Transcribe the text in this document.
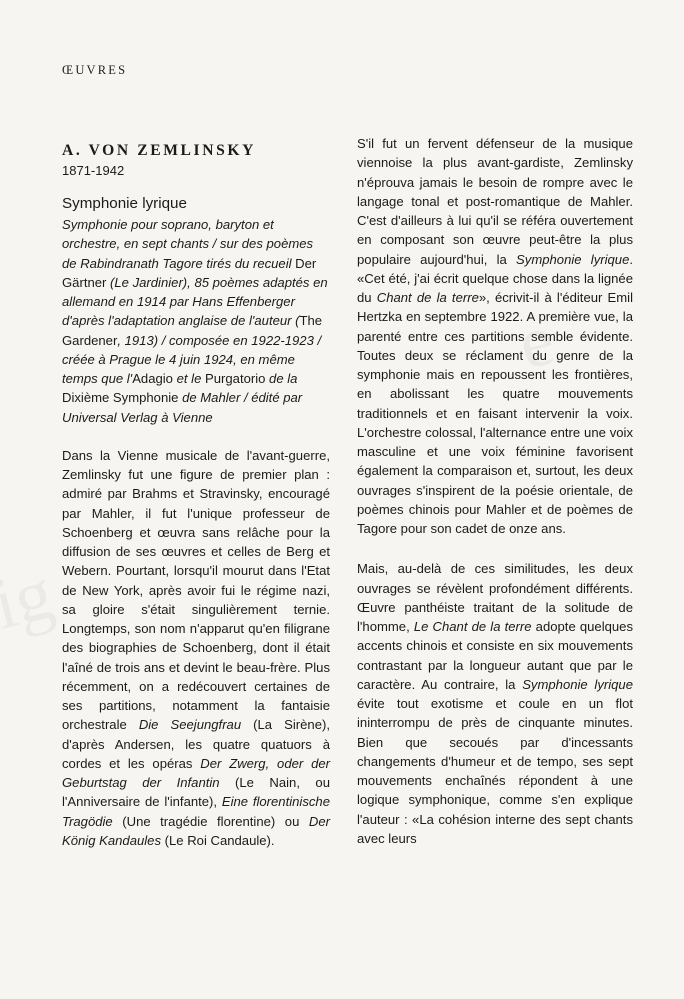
ŒUVRES
A. VON ZEMLINSKY
1871-1942
Symphonie lyrique
Symphonie pour soprano, baryton et orchestre, en sept chants / sur des poèmes de Rabindranath Tagore tirés du recueil Der Gärtner (Le Jardinier), 85 poèmes adaptés en allemand en 1914 par Hans Effenberger d'après l'adaptation anglaise de l'auteur (The Gardener, 1913) / composée en 1922-1923 / créée à Prague le 4 juin 1924, en même temps que l'Adagio et le Purgatorio de la Dixième Symphonie de Mahler / édité par Universal Verlag à Vienne

Dans la Vienne musicale de l'avant-guerre, Zemlinsky fut une figure de premier plan : admiré par Brahms et Stravinsky, encouragé par Mahler, il fut l'unique professeur de Schoenberg et œuvra sans relâche pour la diffusion de ses œuvres et celles de Berg et Webern. Pourtant, lorsqu'il mourut dans l'Etat de New York, après avoir fui le régime nazi, sa gloire s'était singulièrement ternie. Longtemps, son nom n'apparut qu'en filigrane des biographies de Schoenberg, dont il était l'aîné de trois ans et devint le beau-frère. Plus récemment, on a redécouvert certaines de ses partitions, notamment la fantaisie orchestrale Die Seejungfrau (La Sirène), d'après Andersen, les quatre quatuors à cordes et les opéras Der Zwerg, oder der Geburtstag der Infantin (Le Nain, ou l'Anniversaire de l'infante), Eine florentinische Tragödie (Une tragédie florentine) ou Der König Kandaules (Le Roi Candaule).

S'il fut un fervent défenseur de la musique viennoise la plus avant-gardiste, Zemlinsky n'éprouva jamais le besoin de rompre avec le langage tonal et post-romantique de Mahler. C'est d'ailleurs à lui qu'il se référa ouvertement en composant son œuvre peut-être la plus populaire aujourd'hui, la Symphonie lyrique. «Cet été, j'ai écrit quelque chose dans la lignée du Chant de la terre», écrivit-il à l'éditeur Emil Hertzka en septembre 1922. A première vue, la parenté entre ces partitions semble évidente. Toutes deux se réclament du genre de la symphonie mais en repoussent les frontières, en abolissant les quatre mouvements traditionnels et en faisant intervenir la voix. L'orchestre colossal, l'alternance entre une voix masculine et une voix féminine favorisent également la comparaison et, surtout, les deux ouvrages s'inspirent de la poésie orientale, de poèmes chinois pour Mahler et de poèmes de Tagore pour son cadet de onze ans.

Mais, au-delà de ces similitudes, les deux ouvrages se révèlent profondément différents. Œuvre panthéiste traitant de la solitude de l'homme, Le Chant de la terre adopte quelques accents chinois et consiste en six mouvements contrastant par la longueur autant que par le caractère. Au contraire, la Symphonie lyrique évite tout exotisme et coule en un flot ininterrompu de près de cinquante minutes. Bien que secoués par d'incessants changements d'humeur et de tempo, ses sept mouvements enchaînés répondent à une logique symphonique, comme s'en explique l'auteur : «La cohésion interne des sept chants avec leurs
